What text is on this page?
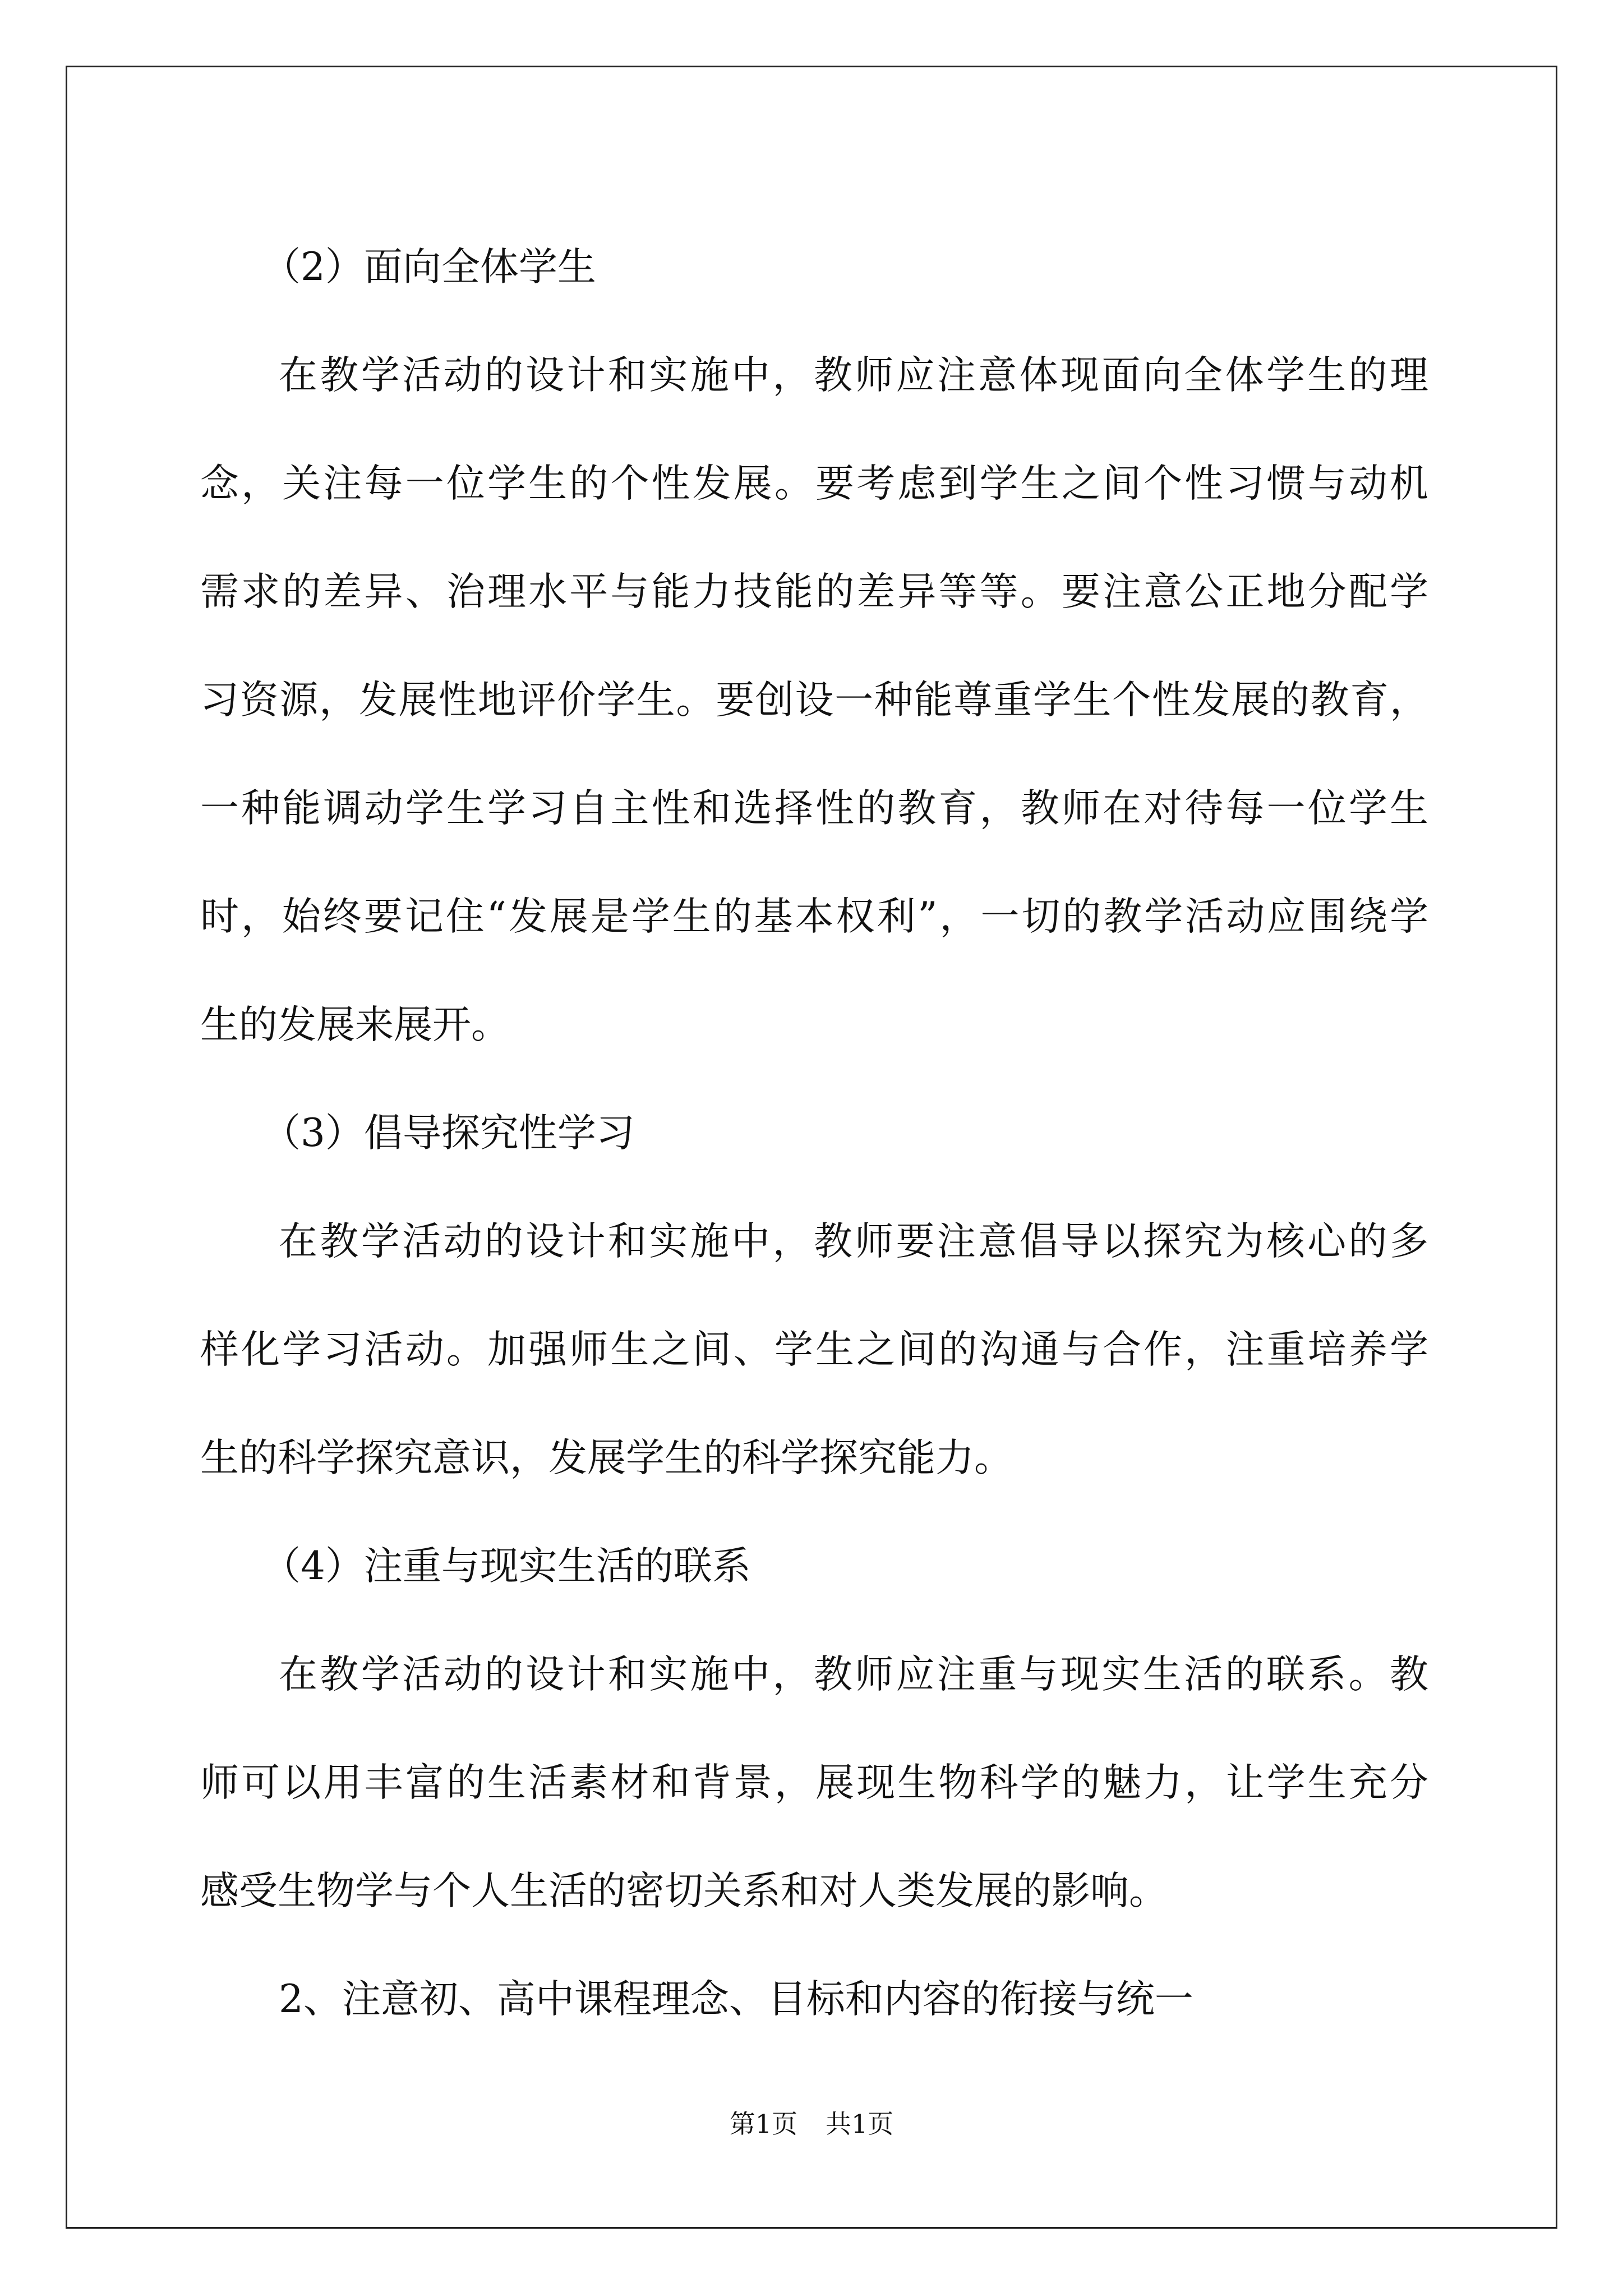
（2）面向全体学生
在教学活动的设计和实施中，教师应注意体现面向全体学生的理
念，关注每一位学生的个性发展。要考虑到学生之间个性习惯与动机
需求的差异、治理水平与能力技能的差异等等。要注意公正地分配学
习资源，发展性地评价学生。要创设一种能尊重学生个性发展的教育，
一种能调动学生学习自主性和选择性的教育，教师在对待每一位学生
时，始终要记住“发展是学生的基本权利”，一切的教学活动应围绕学
生的发展来展开。
（3）倡导探究性学习
在教学活动的设计和实施中，教师要注意倡导以探究为核心的多
样化学习活动。加强师生之间、学生之间的沟通与合作，注重培养学
生的科学探究意识，发展学生的科学探究能力。
（4）注重与现实生活的联系
在教学活动的设计和实施中，教师应注重与现实生活的联系。教
师可以用丰富的生活素材和背景，展现生物科学的魅力，让学生充分
感受生物学与个人生活的密切关系和对人类发展的影响。
2、注意初、高中课程理念、目标和内容的衔接与统一
第1页 共1页
